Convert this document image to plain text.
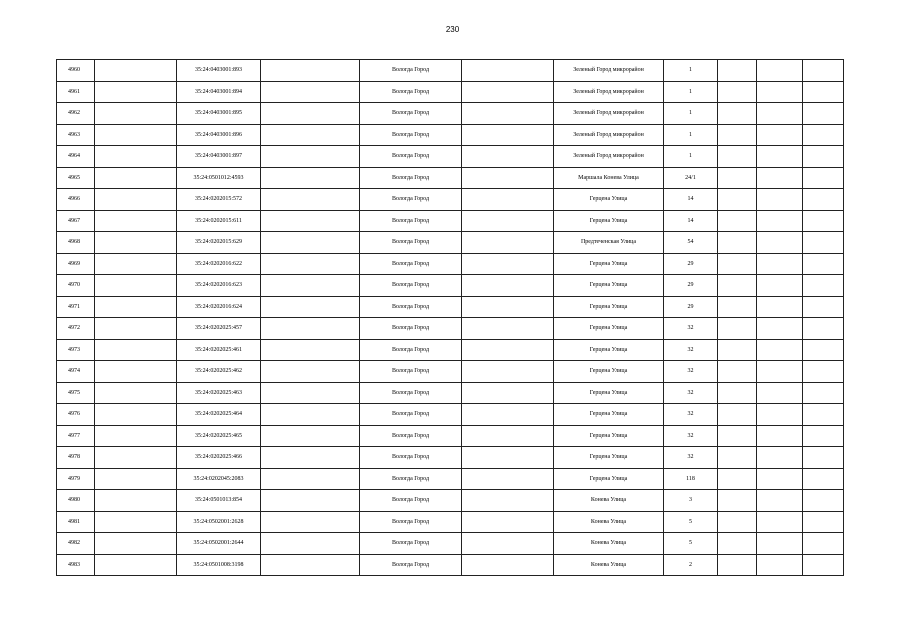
230
4960		35:24:0403001:893		Вологда Город		Зеленый Город микрорайон	1			
4961		35:24:0403001:894		Вологда Город		Зеленый Город микрорайон	1			
4962		35:24:0403001:895		Вологда Город		Зеленый Город микрорайон	1			
4963		35:24:0403001:896		Вологда Город		Зеленый Город микрорайон	1			
4964		35:24:0403001:897		Вологда Город		Зеленый Город микрорайон	1			
4965		35:24:0501012:4593		Вологда Город		Маршала Конева Улица	24/1			
4966		35:24:0202015:572		Вологда Город		Герцена Улица	14			
4967		35:24:0202015:611		Вологда Город		Герцена Улица	14			
4968		35:24:0202015:629		Вологда Город		Предтеченская Улица	54			
4969		35:24:0202016:622		Вологда Город		Герцена Улица	29			
4970		35:24:0202016:623		Вологда Город		Герцена Улица	29			
4971		35:24:0202016:624		Вологда Город		Герцена Улица	29			
4972		35:24:0202025:457		Вологда Город		Герцена Улица	32			
4973		35:24:0202025:461		Вологда Город		Герцена Улица	32			
4974		35:24:0202025:462		Вологда Город		Герцена Улица	32			
4975		35:24:0202025:463		Вологда Город		Герцена Улица	32			
4976		35:24:0202025:464		Вологда Город		Герцена Улица	32			
4977		35:24:0202025:465		Вологда Город		Герцена Улица	32			
4978		35:24:0202025:466		Вологда Город		Герцена Улица	32			
4979		35:24:0202045:2083		Вологда Город		Герцена Улица	118			
4980		35:24:0501013:854		Вологда Город		Конева Улица	3			
4981		35:24:0502001:2628		Вологда Город		Конева Улица	5			
4982		35:24:0502001:2644		Вологда Город		Конева Улица	5			
4983		35:24:0501008:3198		Вологда Город		Конева Улица	2			
